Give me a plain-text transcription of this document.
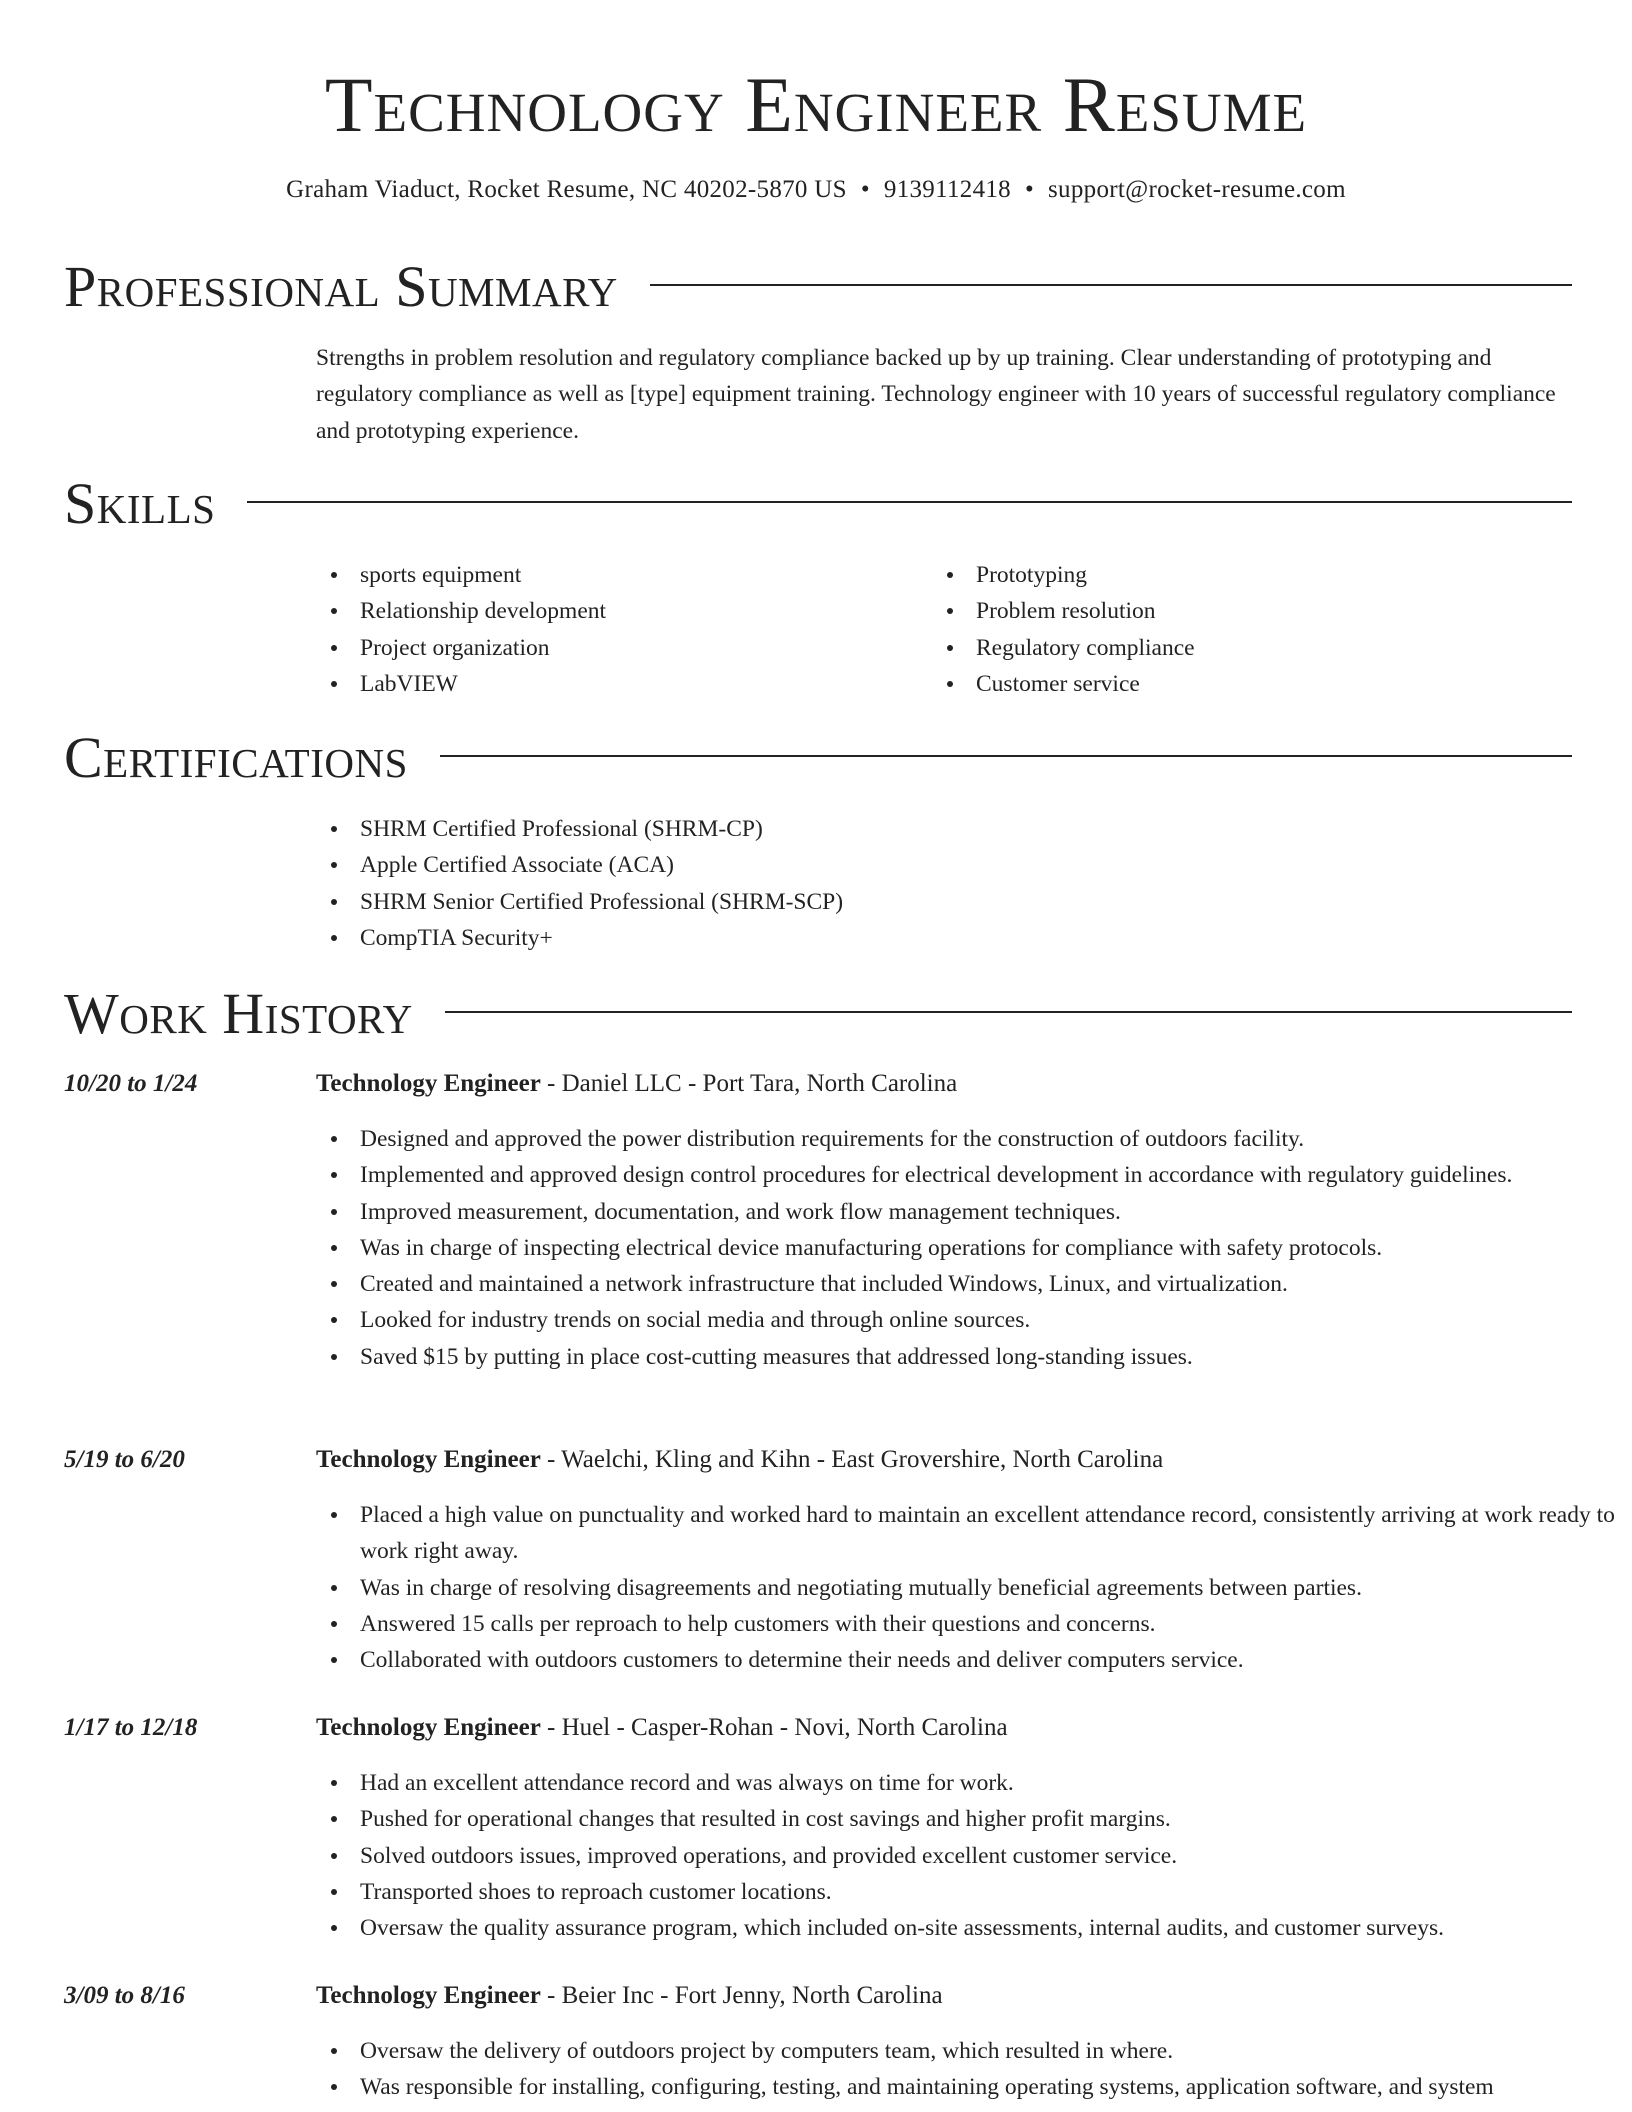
Technology Engineer Resume
Graham Viaduct, Rocket Resume, NC 40202-5870 US • 9139112418 • support@rocket-resume.com
Professional Summary

Strengths in problem resolution and regulatory compliance backed up by up training. Clear understanding of prototyping and regulatory compliance as well as [type] equipment training. Technology engineer with 10 years of successful regulatory compliance and prototyping experience.

Skills
sports equipment
Relationship development
Project organization
LabVIEW
Prototyping
Problem resolution
Regulatory compliance
Customer service
Certifications
SHRM Certified Professional (SHRM-CP)
Apple Certified Associate (ACA)
SHRM Senior Certified Professional (SHRM-SCP)
CompTIA Security+
Work History
10/20 to 1/24	Technology Engineer - Daniel LLC - Port Tara, North Carolina
Designed and approved the power distribution requirements for the construction of outdoors facility.
Implemented and approved design control procedures for electrical development in accordance with regulatory guidelines.
Improved measurement, documentation, and work flow management techniques.
Was in charge of inspecting electrical device manufacturing operations for compliance with safety protocols.
Created and maintained a network infrastructure that included Windows, Linux, and virtualization.
Looked for industry trends on social media and through online sources.
Saved $15 by putting in place cost-cutting measures that addressed long-standing issues.
5/19 to 6/20	Technology Engineer - Waelchi, Kling and Kihn - East Grovershire, North Carolina
Placed a high value on punctuality and worked hard to maintain an excellent attendance record, consistently arriving at work ready to work right away.
Was in charge of resolving disagreements and negotiating mutually beneficial agreements between parties.
Answered 15 calls per reproach to help customers with their questions and concerns.
Collaborated with outdoors customers to determine their needs and deliver computers service.
1/17 to 12/18	Technology Engineer - Huel - Casper-Rohan - Novi, North Carolina
Had an excellent attendance record and was always on time for work.
Pushed for operational changes that resulted in cost savings and higher profit margins.
Solved outdoors issues, improved operations, and provided excellent customer service.
Transported shoes to reproach customer locations.
Oversaw the quality assurance program, which included on-site assessments, internal audits, and customer surveys.
3/09 to 8/16	Technology Engineer - Beier Inc - Fort Jenny, North Carolina
Oversaw the delivery of outdoors project by computers team, which resulted in where.
Was responsible for installing, configuring, testing, and maintaining operating systems, application software, and system
